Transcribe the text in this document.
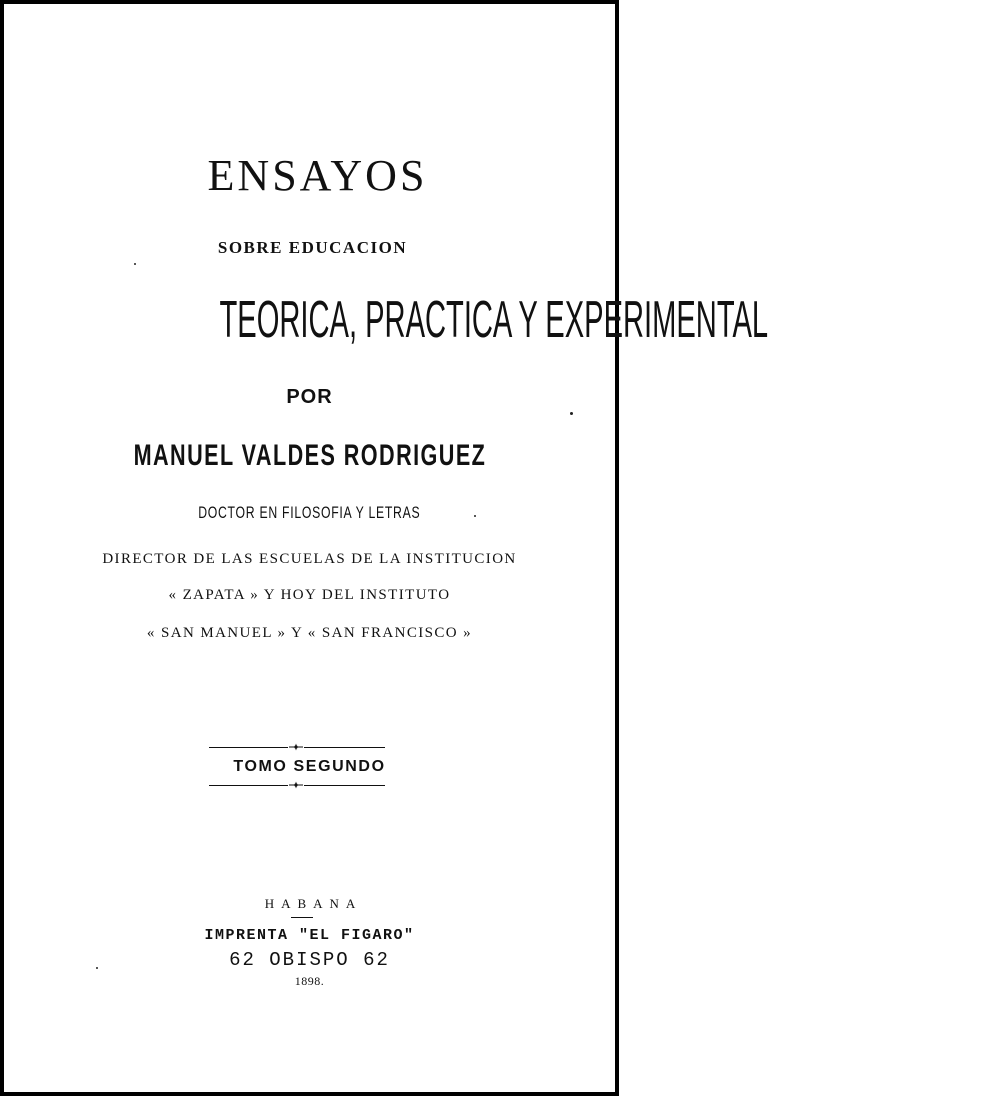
ENSAYOS
SOBRE EDUCACION
TEORICA, PRACTICA Y EXPERIMENTAL
POR
MANUEL VALDES RODRIGUEZ
DOCTOR EN FILOSOFIA Y LETRAS
DIRECTOR DE LAS ESCUELAS DE LA INSTITUCION
« ZAPATA » Y HOY DEL INSTITUTO
« SAN MANUEL » Y « SAN FRANCISCO »
TOMO SEGUNDO
HABANA
IMPRENTA "EL FIGARO"
62 OBISPO 62
1898.
